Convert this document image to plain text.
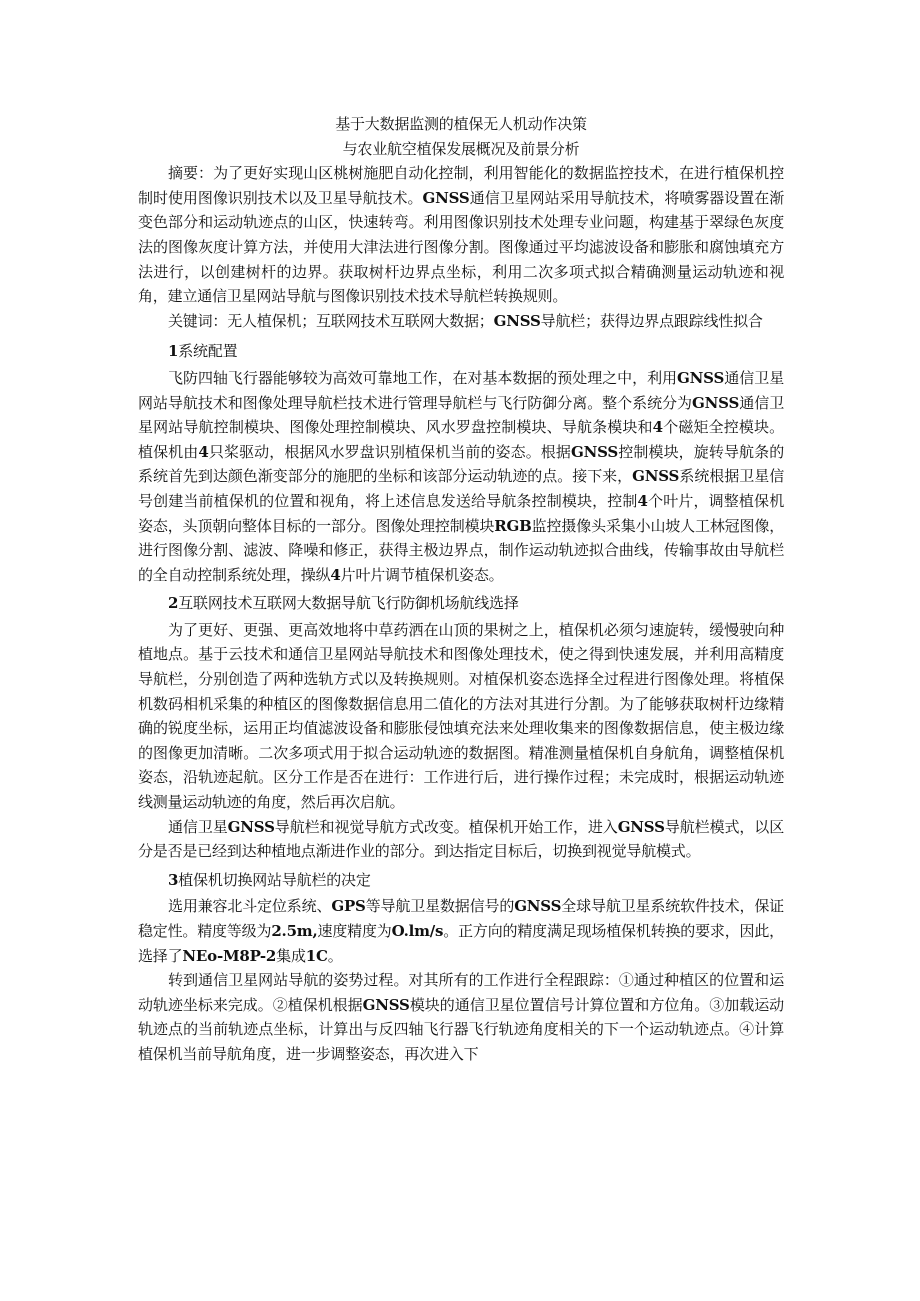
基于大数据监测的植保无人机动作决策

与农业航空植保发展概况及前景分析

摘要：为了更好实现山区桃树施肥自动化控制，利用智能化的数据监控技术，在进行植保机控制时使用图像识别技术以及卫星导航技术。GNSS通信卫星网站采用导航技术，将喷雾器设置在渐变色部分和运动轨迹点的山区，快速转弯。利用图像识别技术处理专业问题，构建基于翠绿色灰度法的图像灰度计算方法，并使用大津法进行图像分割。图像通过平均滤波设备和膨胀和腐蚀填充方法进行，以创建树杆的边界。获取树杆边界点坐标，利用二次多项式拟合精确测量运动轨迹和视角，建立通信卫星网站导航与图像识别技术技术导航栏转换规则。

关键词：无人植保机；互联网技术互联网大数据；GNSS导航栏；获得边界点跟踪线性拟合

1系统配置

飞防四轴飞行器能够较为高效可靠地工作，在对基本数据的预处理之中，利用GNSS通信卫星网站导航技术和图像处理导航栏技术进行管理导航栏与飞行防御分离。整个系统分为GNSS通信卫星网站导航控制模块、图像处理控制模块、风水罗盘控制模块、导航条模块和4个磁矩全控模块。植保机由4只桨驱动，根据风水罗盘识别植保机当前的姿态。根据GNSS控制模块，旋转导航条的系统首先到达颜色渐变部分的施肥的坐标和该部分运动轨迹的点。接下来，GNSS系统根据卫星信号创建当前植保机的位置和视角，将上述信息发送给导航条控制模块，控制4个叶片，调整植保机姿态，头顶朝向整体目标的一部分。图像处理控制模块RGB监控摄像头采集小山坡人工林冠图像，进行图像分割、滤波、降噪和修正，获得主极边界点，制作运动轨迹拟合曲线，传输事故由导航栏的全自动控制系统处理，操纵4片叶片调节植保机姿态。

2互联网技术互联网大数据导航飞行防御机场航线选择

为了更好、更强、更高效地将中草药洒在山顶的果树之上，植保机必须匀速旋转，缓慢驶向种植地点。基于云技术和通信卫星网站导航技术和图像处理技术，使之得到快速发展，并利用高精度导航栏，分别创造了两种选轨方式以及转换规则。对植保机姿态选择全过程进行图像处理。将植保机数码相机采集的种植区的图像数据信息用二值化的方法对其进行分割。为了能够获取树杆边缘精确的锐度坐标，运用正均值滤波设备和膨胀侵蚀填充法来处理收集来的图像数据信息，使主极边缘的图像更加清晰。二次多项式用于拟合运动轨迹的数据图。精准测量植保机自身航角，调整植保机姿态，沿轨迹起航。区分工作是否在进行：工作进行后，进行操作过程；未完成时，根据运动轨迹线测量运动轨迹的角度，然后再次启航。

通信卫星GNSS导航栏和视觉导航方式改变。植保机开始工作，进入GNSS导航栏模式，以区分是否是已经到达种植地点渐进作业的部分。到达指定目标后，切换到视觉导航模式。

3植保机切换网站导航栏的决定

选用兼容北斗定位系统、GPS等导航卫星数据信号的GNSS全球导航卫星系统软件技术，保证稳定性。精度等级为2.5m,速度精度为O.lm/s。正方向的精度满足现场植保机转换的要求，因此，选择了NEo-M8P-2集成1C。

转到通信卫星网站导航的姿势过程。对其所有的工作进行全程跟踪：①通过种植区的位置和运动轨迹坐标来完成。②植保机根据GNSS模块的通信卫星位置信号计算位置和方位角。③加载运动轨迹点的当前轨迹点坐标，计算出与反四轴飞行器飞行轨迹角度相关的下一个运动轨迹点。④计算植保机当前导航角度，进一步调整姿态，再次进入下
